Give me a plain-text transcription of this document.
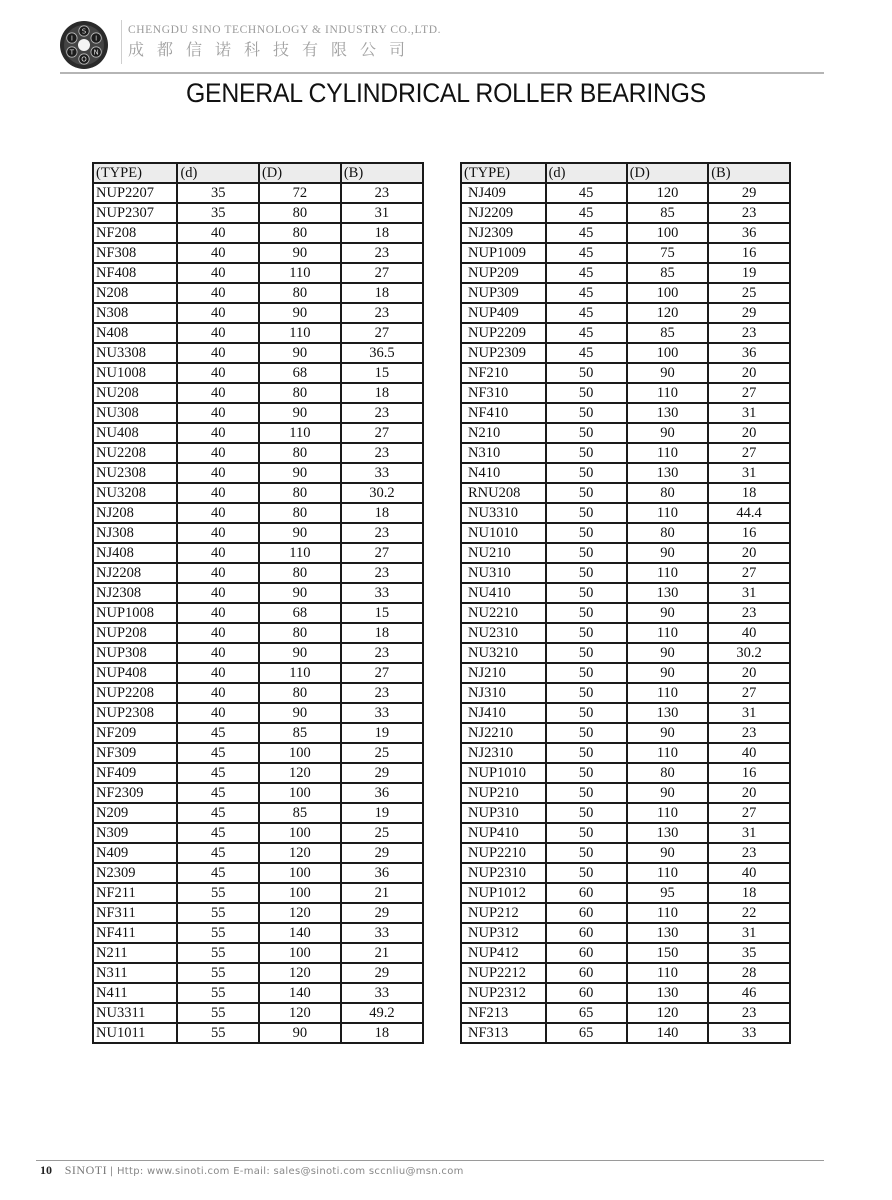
S
I
N
O
T
I
CHENGDU SINO TECHNOLOGY & INDUSTRY CO.,LTD.
成都信诺科技有限公司
GENERAL CYLINDRICAL ROLLER BEARINGS
(TYPE)	(d)	(D)	(B)
NUP2207	35	72	23
NUP2307	35	80	31
NF208	40	80	18
NF308	40	90	23
NF408	40	110	27
N208	40	80	18
N308	40	90	23
N408	40	110	27
NU3308	40	90	36.5
NU1008	40	68	15
NU208	40	80	18
NU308	40	90	23
NU408	40	110	27
NU2208	40	80	23
NU2308	40	90	33
NU3208	40	80	30.2
NJ208	40	80	18
NJ308	40	90	23
NJ408	40	110	27
NJ2208	40	80	23
NJ2308	40	90	33
NUP1008	40	68	15
NUP208	40	80	18
NUP308	40	90	23
NUP408	40	110	27
NUP2208	40	80	23
NUP2308	40	90	33
NF209	45	85	19
NF309	45	100	25
NF409	45	120	29
NF2309	45	100	36
N209	45	85	19
N309	45	100	25
N409	45	120	29
N2309	45	100	36
NF211	55	100	21
NF311	55	120	29
NF411	55	140	33
N211	55	100	21
N311	55	120	29
N411	55	140	33
NU3311	55	120	49.2
NU1011	55	90	18
(TYPE)	(d)	(D)	(B)
NJ409	45	120	29
NJ2209	45	85	23
NJ2309	45	100	36
NUP1009	45	75	16
NUP209	45	85	19
NUP309	45	100	25
NUP409	45	120	29
NUP2209	45	85	23
NUP2309	45	100	36
NF210	50	90	20
NF310	50	110	27
NF410	50	130	31
N210	50	90	20
N310	50	110	27
N410	50	130	31
RNU208	50	80	18
NU3310	50	110	44.4
NU1010	50	80	16
NU210	50	90	20
NU310	50	110	27
NU410	50	130	31
NU2210	50	90	23
NU2310	50	110	40
NU3210	50	90	30.2
NJ210	50	90	20
NJ310	50	110	27
NJ410	50	130	31
NJ2210	50	90	23
NJ2310	50	110	40
NUP1010	50	80	16
NUP210	50	90	20
NUP310	50	110	27
NUP410	50	130	31
NUP2210	50	90	23
NUP2310	50	110	40
NUP1012	60	95	18
NUP212	60	110	22
NUP312	60	130	31
NUP412	60	150	35
NUP2212	60	110	28
NUP2312	60	130	46
NF213	65	120	23
NF313	65	140	33
10 SINOTI | Http: www.sinoti.com E-mail: sales@sinoti.com sccnliu@msn.com
